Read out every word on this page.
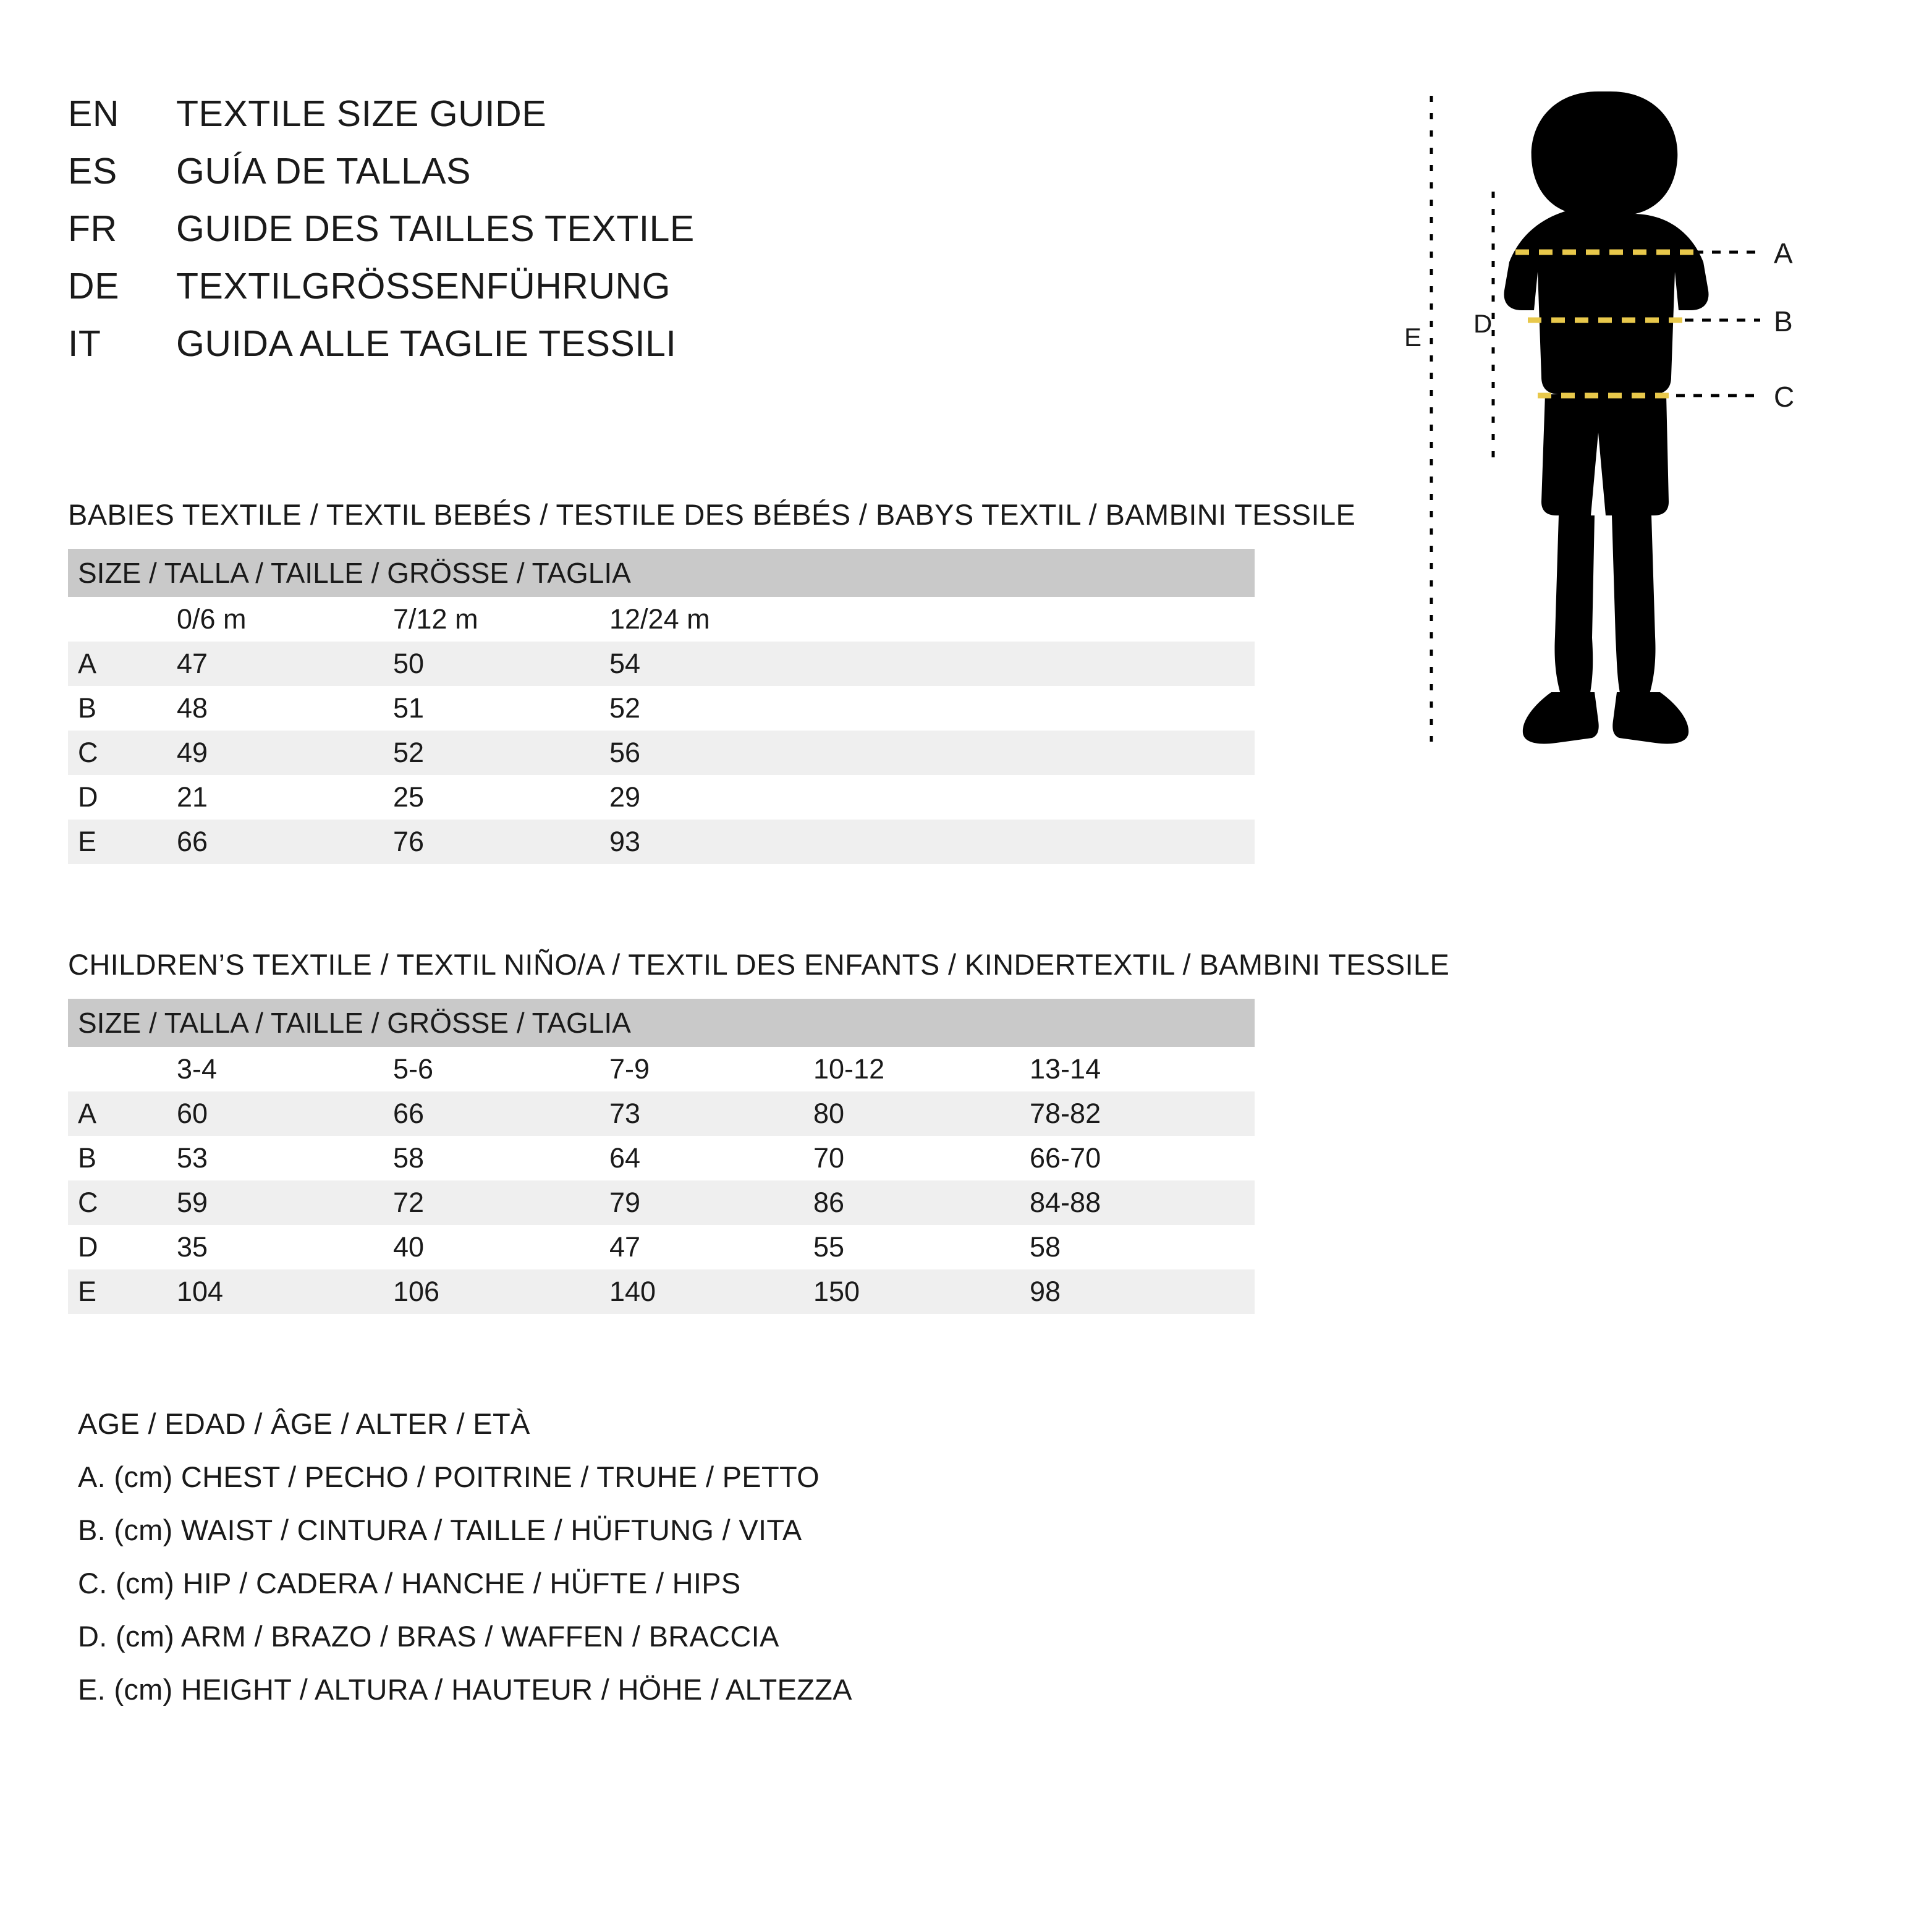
EN	TEXTILE SIZE GUIDE
ES	GUÍA DE TALLAS
FR	GUIDE DES TAILLES TEXTILE
DE	TEXTILGRÖSSENFÜHRUNG
IT	GUIDA ALLE TAGLIE TESSILI
A
B
C
D
E
BABIES TEXTILE / TEXTIL BEBÉS / TESTILE DES BÉBÉS / BABYS TEXTIL / BAMBINI TESSILE
SIZE / TALLA / TAILLE / GRÖSSE / TAGLIA				
	0/6 m	7/12 m	12/24 m	
A	47	50	54	
B	48	51	52	
C	49	52	56	
D	21	25	29	
E	66	76	93	
CHILDREN’S TEXTILE / TEXTIL NIÑO/A / TEXTIL DES ENFANTS / KINDERTEXTIL / BAMBINI TESSILE
SIZE / TALLA / TAILLE / GRÖSSE / TAGLIA					
	3-4	5-6	7-9	10-12	13-14
A	60	66	73	80	78-82
B	53	58	64	70	66-70
C	59	72	79	86	84-88
D	35	40	47	55	58
E	104	106	140	150	98
AGE / EDAD / ÂGE / ALTER / ETÀ
A. (cm) CHEST / PECHO / POITRINE / TRUHE / PETTO
B. (cm) WAIST / CINTURA / TAILLE / HÜFTUNG / VITA
C. (cm) HIP / CADERA / HANCHE / HÜFTE / HIPS
D. (cm) ARM / BRAZO / BRAS / WAFFEN / BRACCIA
E. (cm) HEIGHT / ALTURA / HAUTEUR / HÖHE / ALTEZZA
